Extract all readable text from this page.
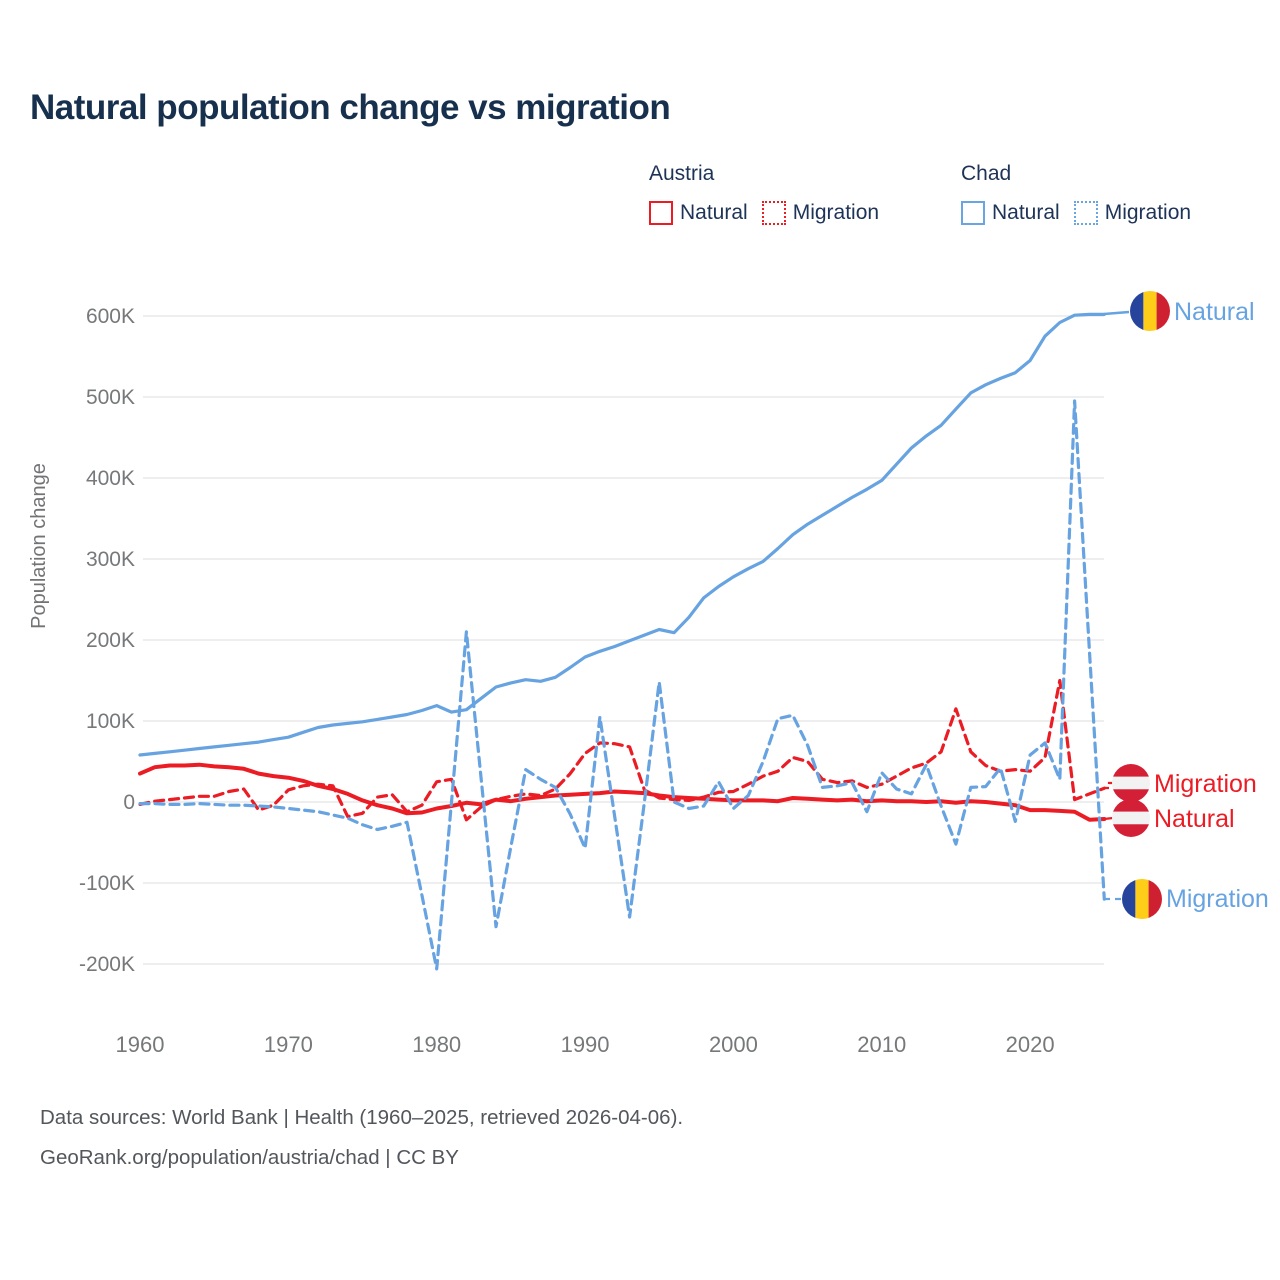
Natural population change vs migration
Austria
Natural Migration
Chad
Natural Migration
600K
500K
400K
300K
200K
100K
0
-100K
-200K
1960	1970	1980	1990	2000	2010	2020
Population change
Natural
Migration
Natural
Migration
Data sources: World Bank | Health (1960–2025, retrieved 2026-04-06).
GeoRank.org/population/austria/chad | CC BY
